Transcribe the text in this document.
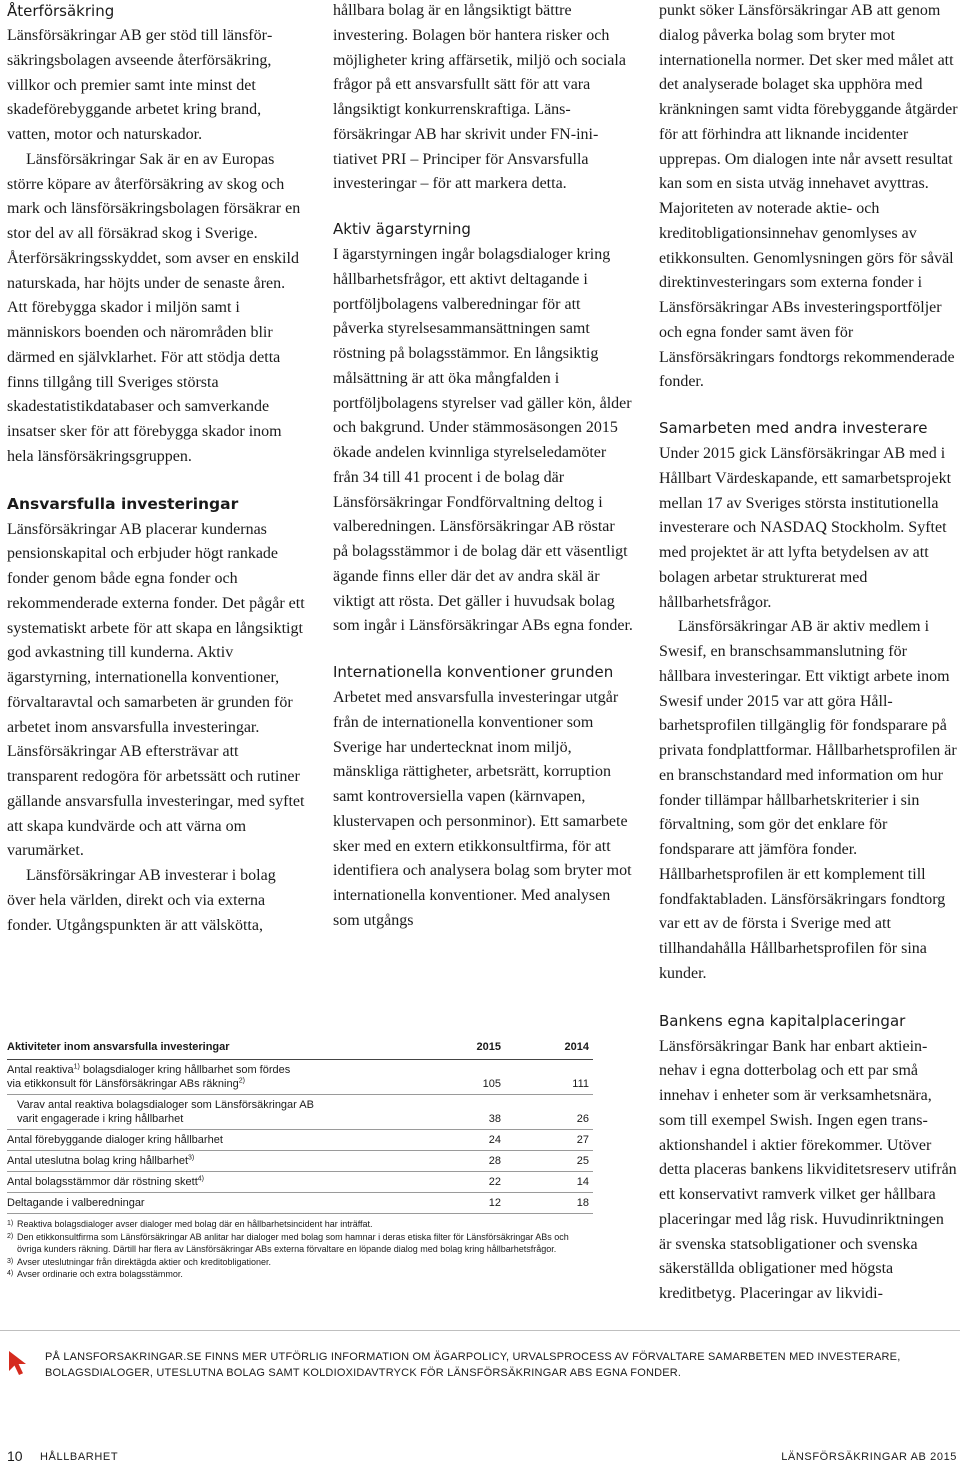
Återförsäkring

Länsförsäkringar AB ger stöd till länsförsäkringsbolagen avseende återförsäkring, villkor och premier samt inte minst det skadeförebyggande arbetet kring brand, vatten, motor och naturskador.

Länsförsäkringar Sak är en av Europas större köpare av återförsäkring av skog och mark och länsförsäkringsbolagen försäkrar en stor del av all försäkrad skog i Sverige. Återförsäkringsskyddet, som avser en enskild naturskada, har höjts under de senaste åren. Att förebygga skador i miljön samt i människors boenden och närområden blir därmed en självklarhet. För att stödja detta finns tillgång till Sveriges största skadestatistikdatabaser och samverkande insatser sker för att förebygga skador inom hela länsförsäkringsgruppen.

Ansvarsfulla investeringar

Länsförsäkringar AB placerar kundernas pensionskapital och erbjuder högt rankade fonder genom både egna fonder och rekommenderade externa fonder. Det pågår ett systematiskt arbete för att skapa en långsiktigt god avkastning till kunderna. Aktiv ägarstyrning, internationella konventioner, förvaltaravtal och samarbeten är grunden för arbetet inom ansvarsfulla investeringar. Länsförsäkringar AB eftersträvar att transparent redogöra för arbetssätt och rutiner gällande ansvarsfulla investeringar, med syftet att skapa kundvärde och att värna om varumärket.

Länsförsäkringar AB investerar i bolag över hela världen, direkt och via externa fonder. Utgångspunkten är att välskötta,

hållbara bolag är en långsiktigt bättre investering. Bolagen bör hantera risker och möjligheter kring affärsetik, miljö och sociala frågor på ett ansvarsfullt sätt för att vara långsiktigt konkurrenskraftiga. Länsförsäkringar AB har skrivit under FN-initiativet PRI – Principer för Ansvarsfulla investeringar – för att markera detta.

Aktiv ägarstyrning

I ägarstyrningen ingår bolagsdialoger kring hållbarhetsfrågor, ett aktivt deltagande i portföljbolagens valberedningar för att påverka styrelsesammansättningen samt röstning på bolagsstämmor. En långsiktig målsättning är att öka mångfalden i portföljbolagens styrelser vad gäller kön, ålder och bakgrund. Under stämmosäsongen 2015 ökade andelen kvinnliga styrelseledamöter från 34 till 41 procent i de bolag där Länsförsäkringar Fondförvaltning deltog i valberedningen. Länsförsäkringar AB röstar på bolagsstämmor i de bolag där ett väsentligt ägande finns eller där det av andra skäl är viktigt att rösta. Det gäller i huvudsak bolag som ingår i Länsförsäkringar ABs egna fonder.

Internationella konventioner grunden

Arbetet med ansvarsfulla investeringar utgår från de internationella konventioner som Sverige har undertecknat inom miljö, mänskliga rättigheter, arbetsrätt, korruption samt kontroversiella vapen (kärnvapen, klustervapen och personminor). Ett samarbete sker med en extern etikkonsultfirma, för att identifiera och analysera bolag som bryter mot internationella konventioner. Med analysen som utgångs

punkt söker Länsförsäkringar AB att genom dialog påverka bolag som bryter mot internationella normer. Det sker med målet att det analyserade bolaget ska upphöra med kränkningen samt vidta förebyggande åtgärder för att förhindra att liknande incidenter upprepas. Om dialogen inte når avsett resultat kan som en sista utväg innehavet avyttras. Majoriteten av noterade aktie- och kreditobligationsinnehav genomlyses av etikkonsulten. Genomlysningen görs för såväl direktinvesteringars som externa fonder i Länsförsäkringar ABs investeringsportföljer och egna fonder samt även för Länsförsäkringars fondtorgs rekommenderade fonder.

Samarbeten med andra investerare

Under 2015 gick Länsförsäkringar AB med i Hållbart Värdeskapande, ett samarbetsprojekt mellan 17 av Sveriges största institutionella investerare och NASDAQ Stockholm. Syftet med projektet är att lyfta betydelsen av att bolagen arbetar strukturerat med hållbarhetsfrågor.

Länsförsäkringar AB är aktiv medlem i Swesif, en branschsammanslutning för hållbara investeringar. Ett viktigt arbete inom Swesif under 2015 var att göra Hållbarhetsprofilen tillgänglig för fondsparare på privata fondplattformar. Hållbarhetsprofilen är en branschstandard med information om hur fonder tillämpar hållbarhetskriterier i sin förvaltning, som gör det enklare för fondsparare att jämföra fonder. Hållbarhetsprofilen är ett komplement till fondfaktabladen. Länsförsäkringars fondtorg var ett av de första i Sverige med att tillhandahålla Hållbarhetsprofilen för sina kunder.

Bankens egna kapitalplaceringar

Länsförsäkringar Bank har enbart aktieinnehav i egna dotterbolag och ett par små innehav i enheter som är verksamhetsnära, som till exempel Swish. Ingen egen transaktionshandel i aktier förekommer. Utöver detta placeras bankens likviditetsreserv utifrån ett konservativt ramverk vilket ger hållbara placeringar med låg risk. Huvudinriktningen är svenska statsobligationer och svenska säkerställda obligationer med högsta kreditbetyg. Placeringar av likvidi-

Aktiviteter inom ansvarsfulla investeringar	2015	2014
Antal reaktiva$^{1)}$ bolagsdialoger kring hållbarhet som fördes
via etikkonsult för Länsförsäkringar ABs räkning$^{2)}$	105	111
Varav antal reaktiva bolagsdialoger som Länsförsäkringar AB
varit engagerade i kring hållbarhet	38	26
Antal förebyggande dialoger kring hållbarhet	24	27
Antal uteslutna bolag kring hållbarhet$^{3)}$	28	25
Antal bolagsstämmor där röstning skett$^{4)}$	22	14
Deltagande i valberedningar	12	18
1) Reaktiva bolagsdialoger avser dialoger med bolag där en hållbarhetsincident har inträffat.
2) Den etikkonsultfirma som Länsförsäkringar AB anlitar har dialoger med bolag som hamnar i deras etiska filter för Länsförsäkringar ABs och övriga kunders räkning. Därtill har flera av Länsförsäkringar ABs externa förvaltare en löpande dialog med bolag kring hållbarhetsfrågor.
3) Avser uteslutningar från direktägda aktier och kreditobligationer.
4) Avser ordinarie och extra bolagsstämmor.
PÅ LANSFORSAKRINGAR.SE FINNS MER UTFÖRLIG INFORMATION OM ÄGARPOLICY, URVALSPROCESS AV FÖRVALTARE SAMARBETEN MED INVESTERARE,
BOLAGSDIALOGER, UTESLUTNA BOLAG SAMT KOLDIOXIDAVTRYCK FÖR LÄNSFÖRSÄKRINGAR ABS EGNA FONDER.
10 HÅLLBARHET	LÄNSFÖRSÄKRINGAR AB 2015
